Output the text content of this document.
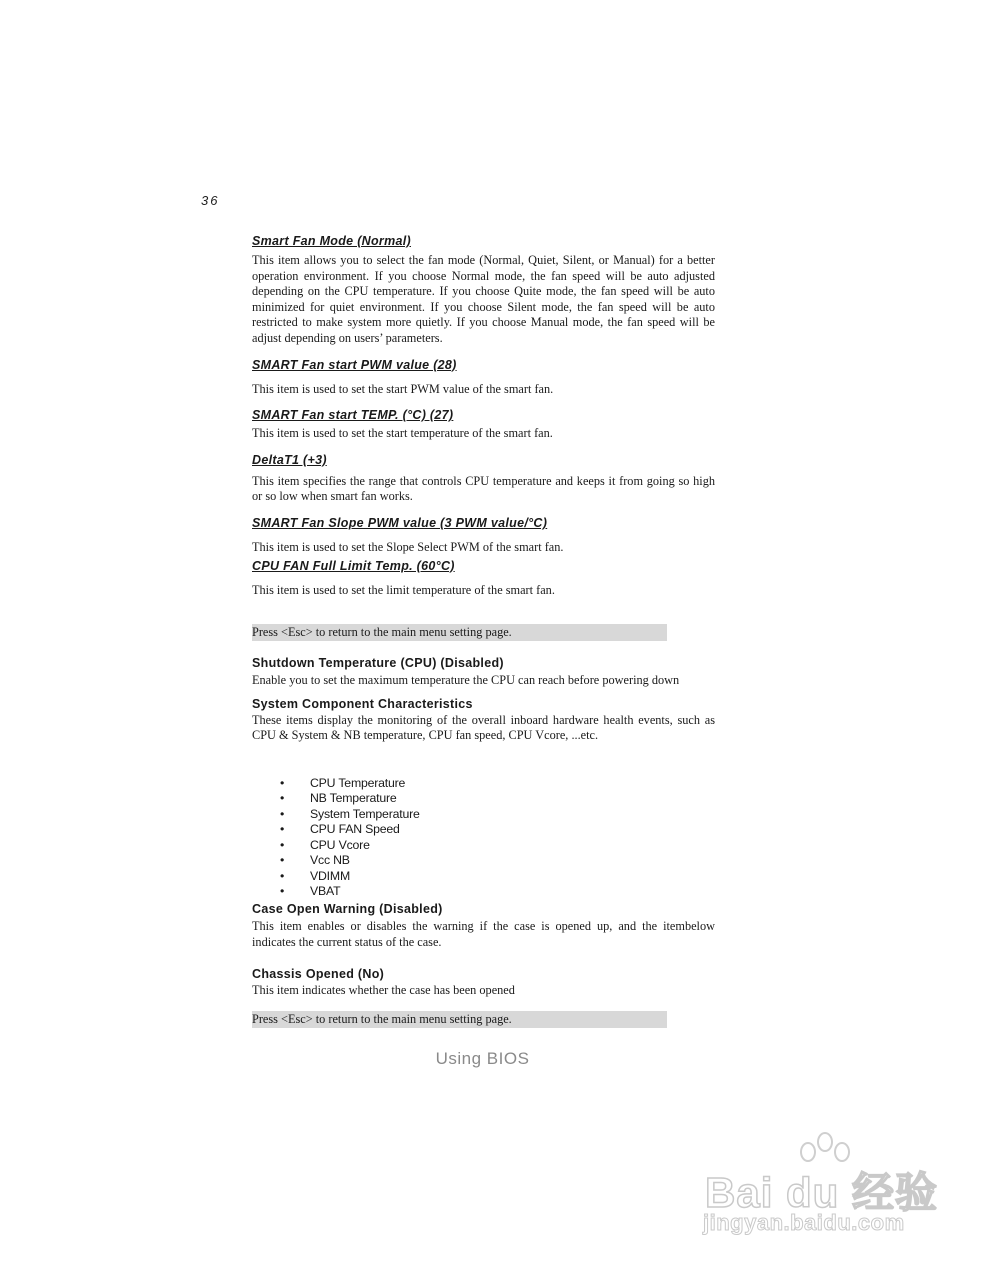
36

Smart Fan Mode (Normal)

This item allows you to select the fan mode (Normal, Quiet, Silent, or Manual) for a better operation environment. If you choose Normal mode, the fan speed will be auto adjusted depending on the CPU temperature. If you choose Quite mode, the fan speed will be auto minimized for quiet environment. If you choose Silent mode, the fan speed will be auto restricted to make system more quietly. If you choose Manual mode, the fan speed will be adjust depending on users’ parameters.

SMART Fan start PWM value (28)

This item is used to set the start PWM value of the smart fan.

SMART Fan start TEMP. (°C) (27)

This item is used to set the start temperature of the smart fan.

DeltaT1 (+3)

This item specifies the range that controls CPU temperature and keeps it from going so high or so low when smart fan works.

SMART Fan Slope PWM value (3 PWM value/°C)

This item is used to set the Slope Select PWM of the smart fan.

CPU FAN Full Limit Temp. (60°C)

This item is used to set the limit temperature of the smart fan.

Press <Esc> to return to the main menu setting page.

Shutdown Temperature (CPU) (Disabled)

Enable you to set the maximum temperature the CPU can reach before powering down

System Component Characteristics

These items display the monitoring of the overall inboard hardware health events, such as CPU & System & NB temperature, CPU fan speed, CPU Vcore, ...etc.

• CPU Temperature
• NB Temperature
• System Temperature
• CPU FAN Speed
• CPU Vcore
• Vcc NB
• VDIMM
• VBAT

Case Open Warning (Disabled)

This item enables or disables the warning if the case is opened up, and the itembelow indicates the current status of the case.

Chassis Opened (No)

This item indicates whether the case has been opened

Press <Esc> to return to the main menu setting page.

Using BIOS
Bai du 经验
jingyan.baidu.com
